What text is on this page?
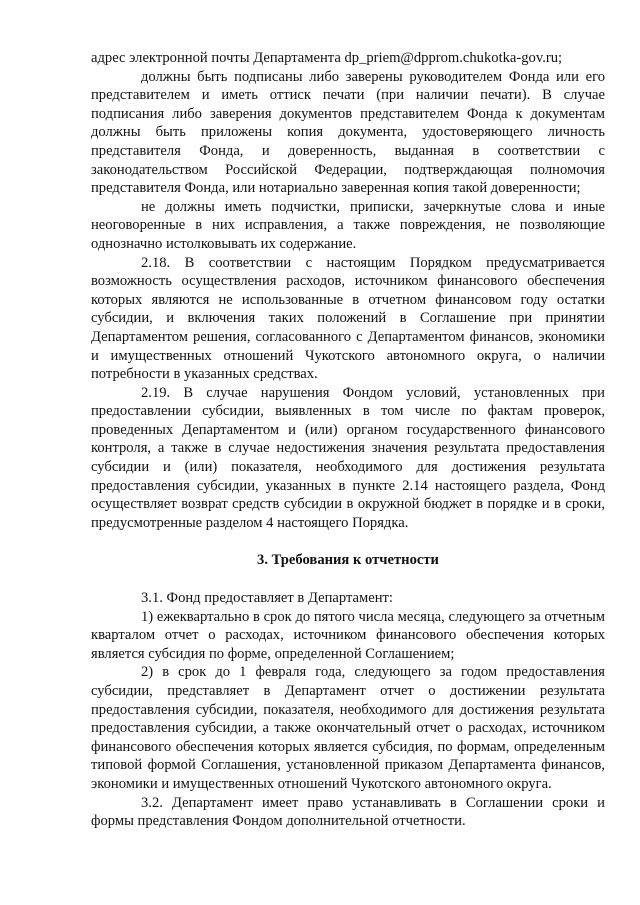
адрес электронной почты Департамента dp_priem@dpprom.chukotka-gov.ru;

должны быть подписаны либо заверены руководителем Фонда или его представителем и иметь оттиск печати (при наличии печати). В случае подписания либо заверения документов представителем Фонда к документам должны быть приложены копия документа, удостоверяющего личность представителя Фонда, и доверенность, выданная в соответствии с законодательством Российской Федерации, подтверждающая полномочия представителя Фонда, или нотариально заверенная копия такой доверенности;

не должны иметь подчистки, приписки, зачеркнутые слова и иные неоговоренные в них исправления, а также повреждения, не позволяющие однозначно истолковывать их содержание.

2.18. В соответствии с настоящим Порядком предусматривается возможность осуществления расходов, источником финансового обеспечения которых являются не использованные в отчетном финансовом году остатки субсидии, и включения таких положений в Соглашение при принятии Департаментом решения, согласованного с Департаментом финансов, экономики и имущественных отношений Чукотского автономного округа, о наличии потребности в указанных средствах.

2.19. В случае нарушения Фондом условий, установленных при предоставлении субсидии, выявленных в том числе по фактам проверок, проведенных Департаментом и (или) органом государственного финансового контроля, а также в случае недостижения значения результата предоставления субсидии и (или) показателя, необходимого для достижения результата предоставления субсидии, указанных в пункте 2.14 настоящего раздела, Фонд осуществляет возврат средств субсидии в окружной бюджет в порядке и в сроки, предусмотренные разделом 4 настоящего Порядка.

3. Требования к отчетности

3.1. Фонд предоставляет в Департамент:

1) ежеквартально в срок до пятого числа месяца, следующего за отчетным кварталом отчет о расходах, источником финансового обеспечения которых является субсидия по форме, определенной Соглашением;

2) в срок до 1 февраля года, следующего за годом предоставления субсидии, представляет в Департамент отчет о достижении результата предоставления субсидии, показателя, необходимого для достижения результата предоставления субсидии, а также окончательный отчет о расходах, источником финансового обеспечения которых является субсидия, по формам, определенным типовой формой Соглашения, установленной приказом Департамента финансов, экономики и имущественных отношений Чукотского автономного округа.

3.2. Департамент имеет право устанавливать в Соглашении сроки и формы представления Фондом дополнительной отчетности.
